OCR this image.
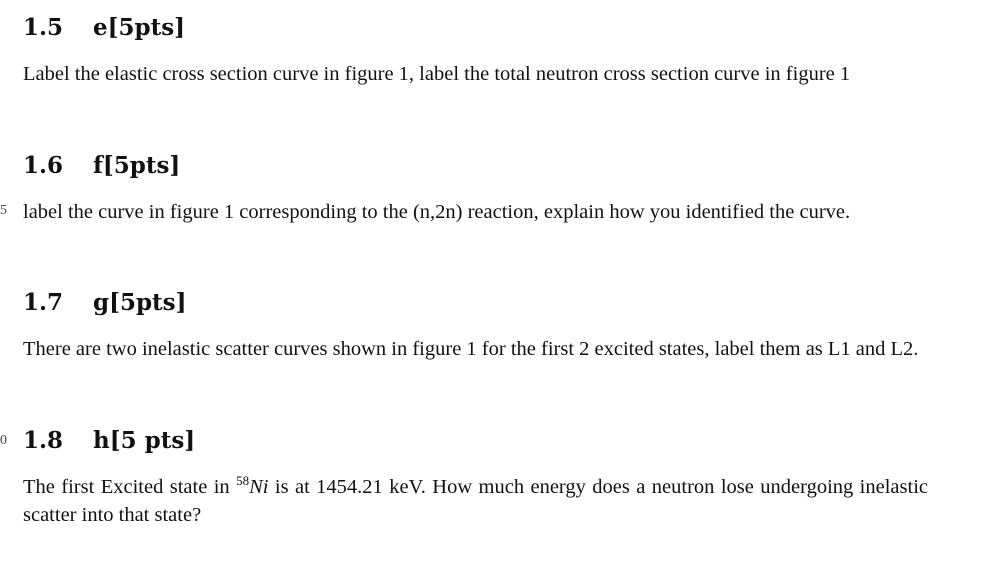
1.5 e[5pts]

Label the elastic cross section curve in figure 1, label the total neutron cross section curve in figure 1

5
1.6 f[5pts]

label the curve in figure 1 corresponding to the (n,2n) reaction, explain how you identified the curve.

1.7 g[5pts]

There are two inelastic scatter curves shown in figure 1 for the first 2 excited states, label them as L1 and L2.

0 1.8 h[5 pts]

The first Excited state in $^{58}$Ni is at 1454.21 keV. How much energy does a neutron lose undergoing inelastic scatter into that state?
